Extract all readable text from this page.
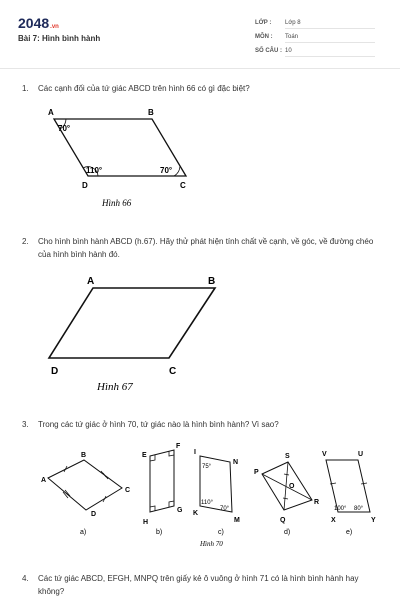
2048.vn
Bài 7: Hình bình hành
LỚP :	Lớp 8
MÔN :	Toán
SỐ CÂU : 10
1. Các cạnh đối của tứ giác ABCD trên hình 66 có gì đặc biệt?
A	B
D	C
70°
110°	70°
Hình 66
2. Cho hình bình hành ABCD (h.67). Hãy thử phát hiện tính chất về cạnh, về góc, về đường chéo của hình bình hành đó.
A	B
D	C
Hình 67
3. Trong các tứ giác ở hình 70, tứ giác nào là hình bình hành? Vì sao?
A
B
C
D
a)
E
F
G
H
b)
I
N
K
M
75°
110°
70°
c)
S
P
O
R
Q
d)
V	U
X	Y
100° 80°
e)
Hình 70
4. Các tứ giác ABCD, EFGH, MNPQ trên giấy kẻ ô vuông ở hình 71 có là hình bình hành hay không?
